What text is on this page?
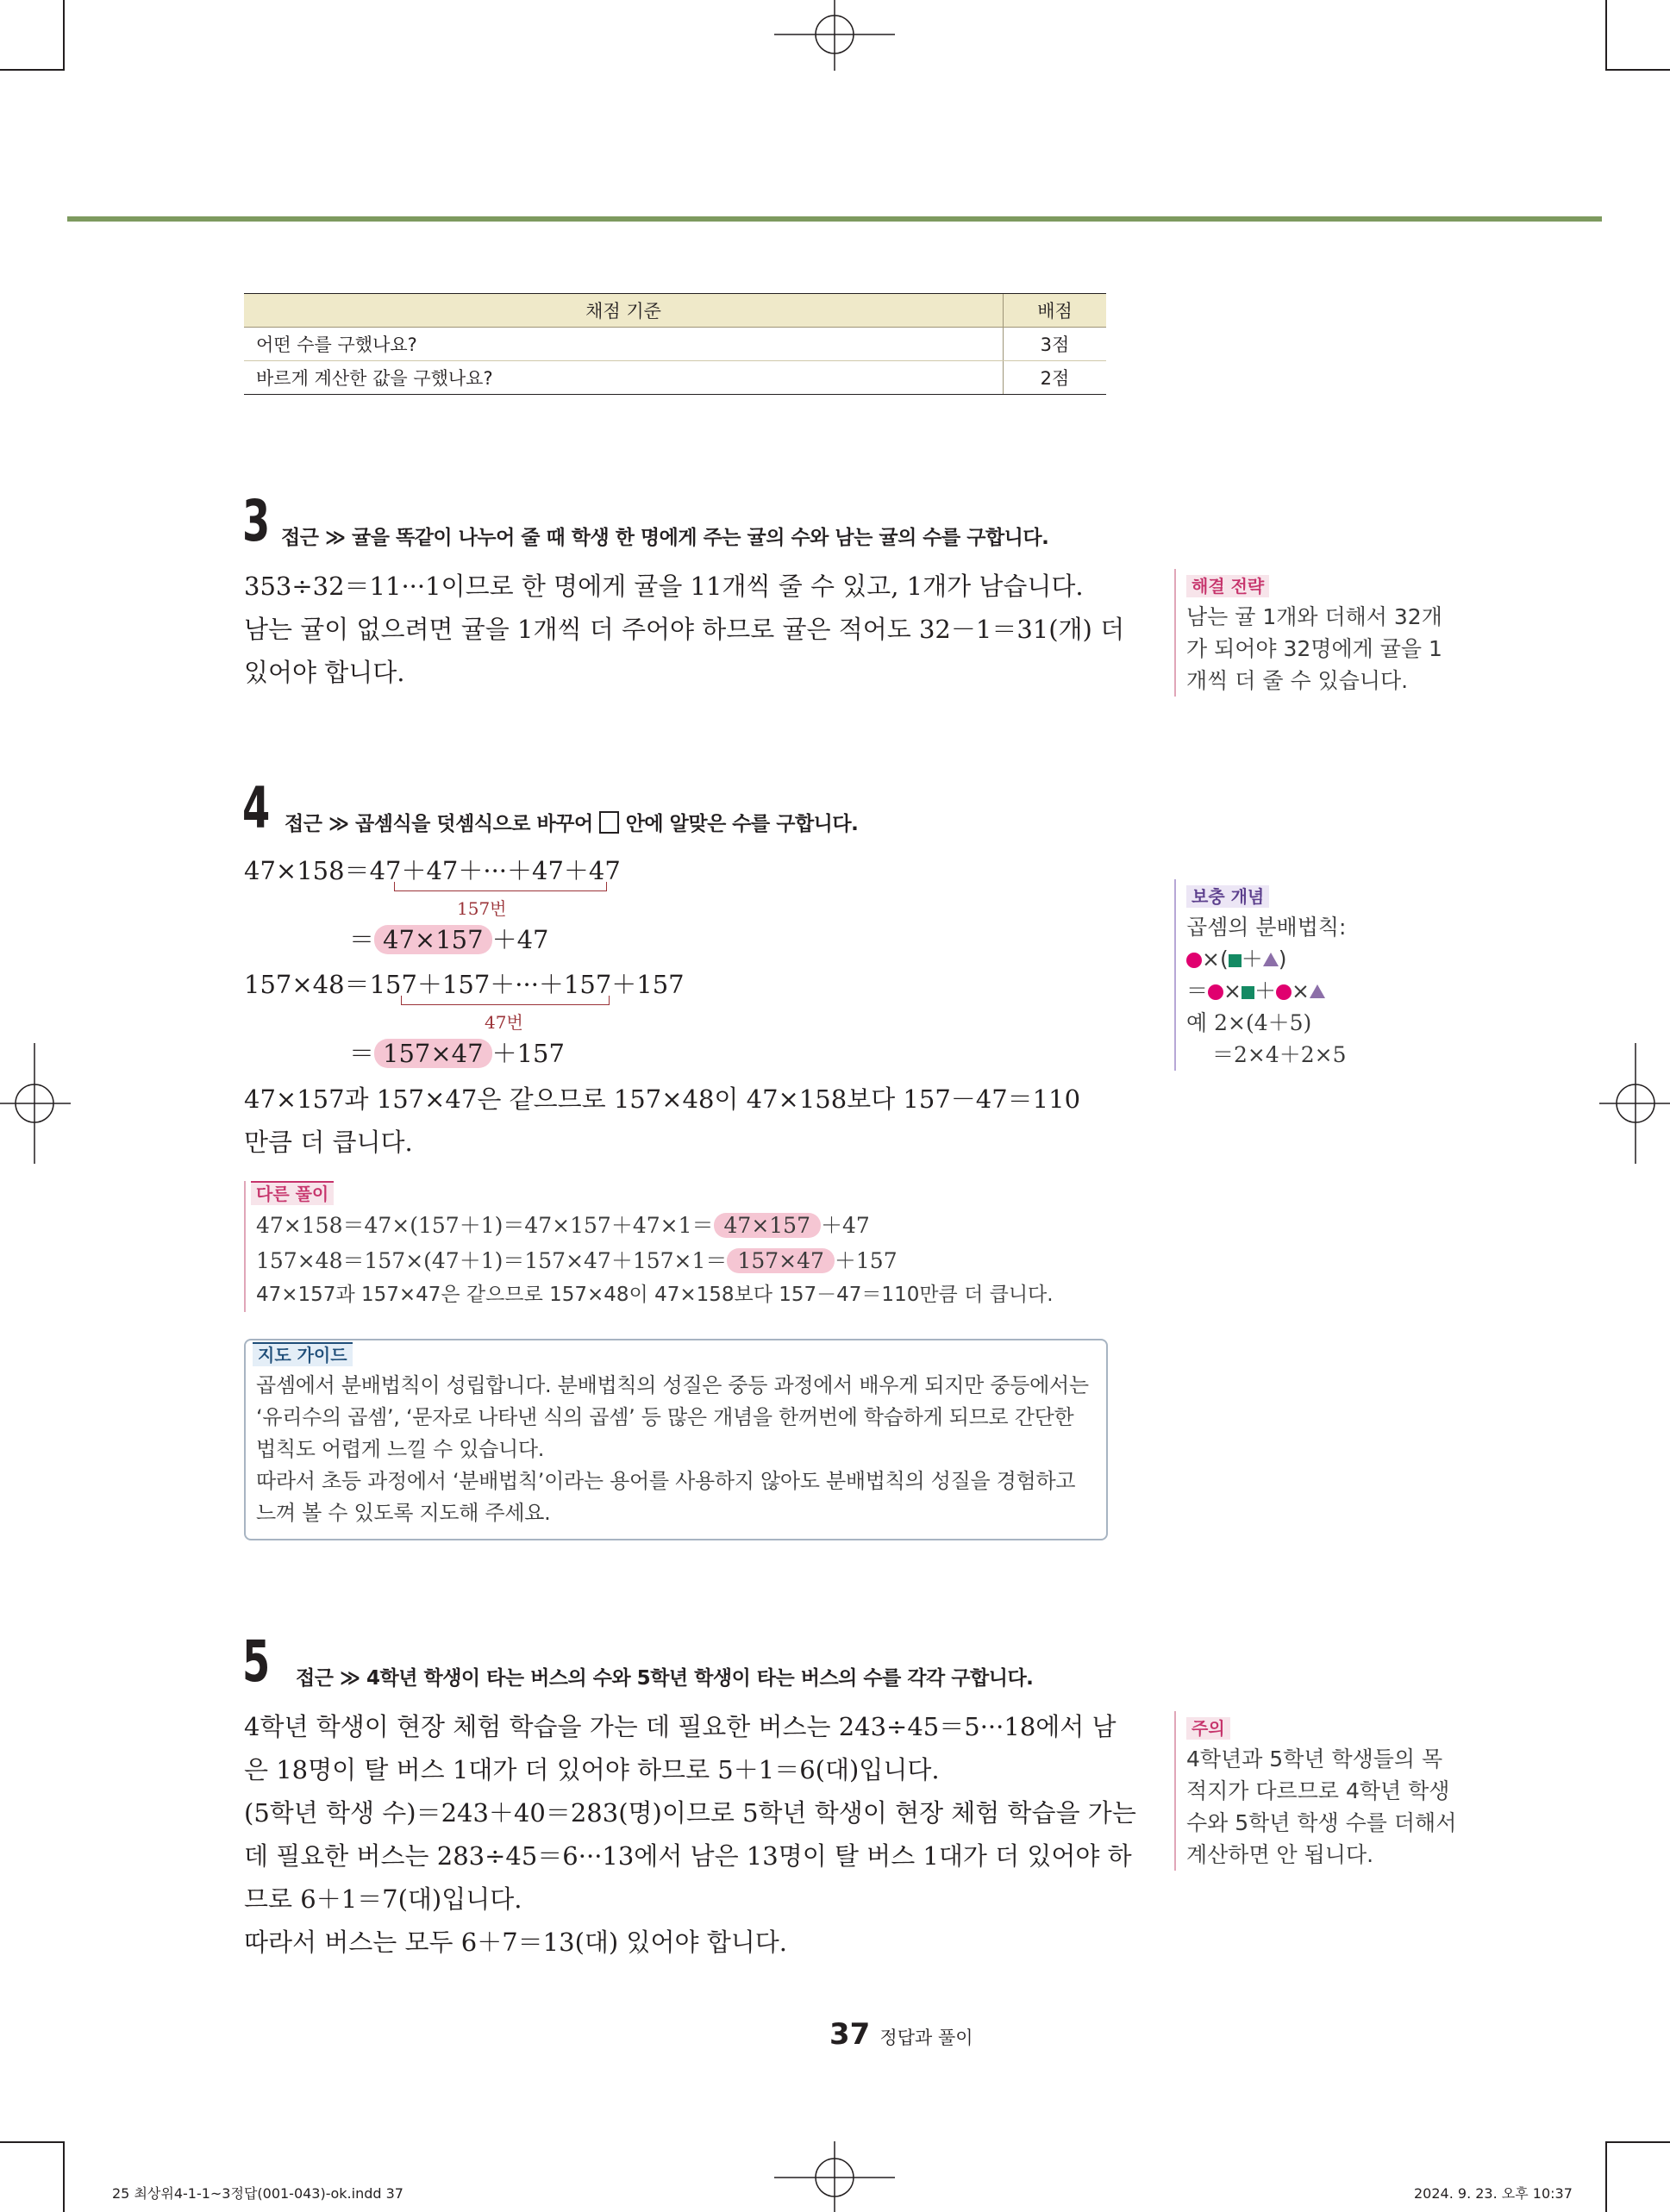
채점 기준	배점
어떤 수를 구했나요?	3점
바르게 계산한 값을 구했나요?	2점
3 접근 ≫ 귤을 똑같이 나누어 줄 때 학생 한 명에게 주는 귤의 수와 남는 귤의 수를 구합니다.
353÷32＝11···1이므로 한 명에게 귤을 11개씩 줄 수 있고, 1개가 남습니다.
남는 귤이 없으려면 귤을 1개씩 더 주어야 하므로 귤은 적어도 32－1＝31(개) 더
있어야 합니다.
해결 전략
남는 귤 1개와 더해서 32개
가 되어야 32명에게 귤을 1
개씩 더 줄 수 있습니다.
4 접근 ≫ 곱셈식을 덧셈식으로 바꾸어 안에 알맞은 수를 구합니다.
47×158＝47＋47＋···＋47＋47
157번
＝ 47×157 ＋47
157×48＝157＋157＋···＋157＋157
47번
＝ 157×47 ＋157
47×157과 157×47은 같으므로 157×48이 47×158보다 157－47＝110
만큼 더 큽니다.
보충 개념
곱셈의 분배법칙:
×( ＋ )
＝ × ＋ ×
예 2×(4＋5)
＝2×4＋2×5
다른 풀이
47×158＝47×(157＋1)＝47×157＋47×1＝ 47×157 ＋47
157×48＝157×(47＋1)＝157×47＋157×1＝ 157×47 ＋157
47×157과 157×47은 같으므로 157×48이 47×158보다 157－47＝110만큼 더 큽니다.
지도 가이드
곱셈에서 분배법칙이 성립합니다. 분배법칙의 성질은 중등 과정에서 배우게 되지만 중등에서는
‘유리수의 곱셈’, ‘문자로 나타낸 식의 곱셈’ 등 많은 개념을 한꺼번에 학습하게 되므로 간단한
법칙도 어렵게 느낄 수 있습니다.
따라서 초등 과정에서 ‘분배법칙’이라는 용어를 사용하지 않아도 분배법칙의 성질을 경험하고
느껴 볼 수 있도록 지도해 주세요.
5 접근 ≫ 4학년 학생이 타는 버스의 수와 5학년 학생이 타는 버스의 수를 각각 구합니다.
4학년 학생이 현장 체험 학습을 가는 데 필요한 버스는 243÷45＝5···18에서 남
은 18명이 탈 버스 1대가 더 있어야 하므로 5＋1＝6(대)입니다.
(5학년 학생 수)＝243＋40＝283(명)이므로 5학년 학생이 현장 체험 학습을 가는
데 필요한 버스는 283÷45＝6···13에서 남은 13명이 탈 버스 1대가 더 있어야 하
므로 6＋1＝7(대)입니다.
따라서 버스는 모두 6＋7＝13(대) 있어야 합니다.
주의
4학년과 5학년 학생들의 목
적지가 다르므로 4학년 학생
수와 5학년 학생 수를 더해서
계산하면 안 됩니다.
37 정답과 풀이
25 최상위4-1-1~3정답(001-043)-ok.indd 37	2024. 9. 23. 오후 10:37
